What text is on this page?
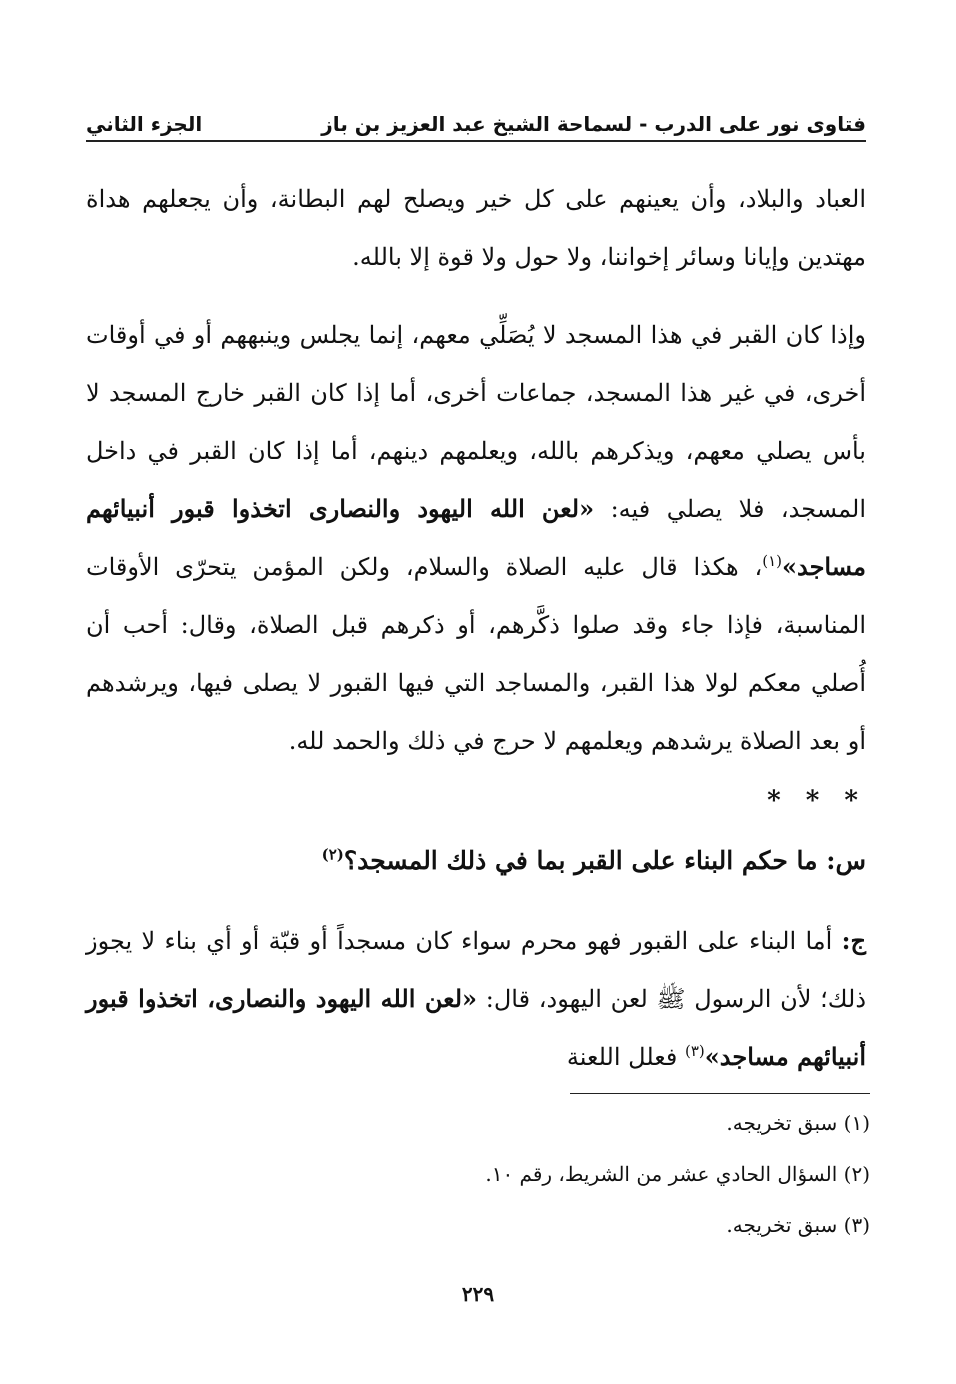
فتاوى نور على الدرب - لسماحة الشيخ عبد العزيز بن باز
الجزء الثاني

العباد والبلاد، وأن يعينهم على كل خير ويصلح لهم البطانة، وأن يجعلهم هداة مهتدين وإيانا وسائر إخواننا، ولا حول ولا قوة إلا بالله.

وإذا كان القبر في هذا المسجد لا يُصَلِّي معهم، إنما يجلس وينبههم أو في أوقات أخرى، في غير هذا المسجد، جماعات أخرى، أما إذا كان القبر خارج المسجد لا بأس يصلي معهم، ويذكرهم بالله، ويعلمهم دينهم، أما إذا كان القبر في داخل المسجد، فلا يصلي فيه: «لعن الله اليهود والنصارى اتخذوا قبور أنبيائهم مساجد»$^{(١)}$، هكذا قال عليه الصلاة والسلام، ولكن المؤمن يتحرّى الأوقات المناسبة، فإذا جاء وقد صلوا ذكَّرهم، أو ذكرهم قبل الصلاة، وقال: أحب أن أُصلي معكم لولا هذا القبر، والمساجد التي فيها القبور لا يصلى فيها، ويرشدهم أو بعد الصلاة يرشدهم ويعلمهم لا حرج في ذلك والحمد لله.

* * *

س: ما حكم البناء على القبر بما في ذلك المسجد؟$^{(٢)}$

ج: أما البناء على القبور فهو محرم سواء كان مسجداً أو قبّة أو أي بناء لا يجوز ذلك؛ لأن الرسول ﷺ لعن اليهود، قال: «لعن الله اليهود والنصارى، اتخذوا قبور أنبيائهم مساجد»$^{(٣)}$ فعلل اللعنة

(١) سبق تخريجه.
(٢) السؤال الحادي عشر من الشريط، رقم ١٠.
(٣) سبق تخريجه.
٢٢٩
